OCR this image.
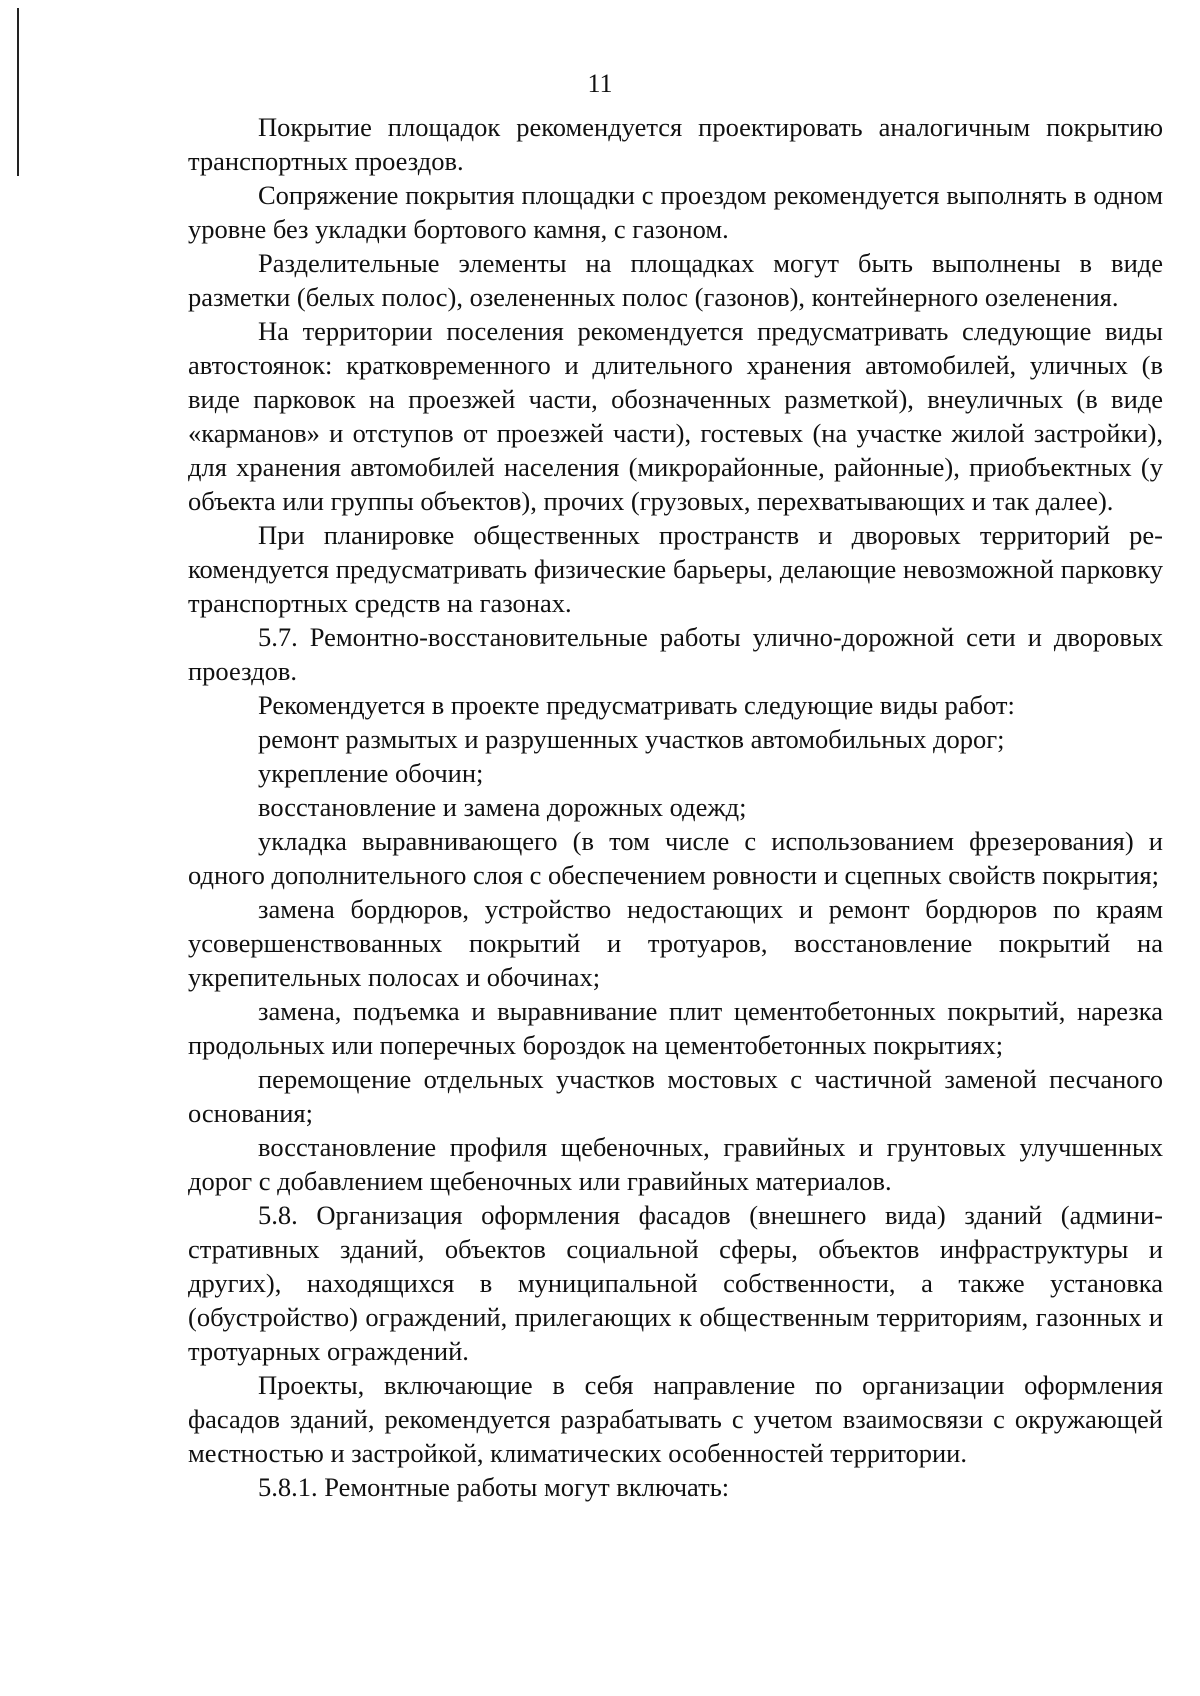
11

Покрытие площадок рекомендуется проектировать аналогичным покрытию транспортных проездов.

Сопряжение покрытия площадки с проездом рекомендуется выполнять в одном уровне без укладки бортового камня, с газоном.

Разделительные элементы на площадках могут быть выполнены в виде разметки (белых полос), озелененных полос (газонов), контейнерного озеленения.

На территории поселения рекомендуется предусматривать следующие виды автостоянок: кратковременного и длительного хранения автомобилей, уличных (в виде парковок на проезжей части, обозначенных разметкой), внеуличных (в виде «карманов» и отступов от проезжей части), гостевых (на участке жилой застройки), для хранения автомобилей населения (микрорайонные, районные), приобъектных (у объекта или группы объектов), прочих (грузовых, перехватывающих и так далее).

При планировке общественных пространств и дворовых территорий рекомендуется предусматривать физические барьеры, делающие невозможной парковку транспортных средств на газонах.

5.7. Ремонтно-восстановительные работы улично-дорожной сети и дворовых проездов.

Рекомендуется в проекте предусматривать следующие виды работ:

ремонт размытых и разрушенных участков автомобильных дорог;

укрепление обочин;

восстановление и замена дорожных одежд;

укладка выравнивающего (в том числе с использованием фрезерования) и одного дополнительного слоя с обеспечением ровности и сцепных свойств покрытия;

замена бордюров, устройство недостающих и ремонт бордюров по краям усовершенствованных покрытий и тротуаров, восстановление покрытий на укрепительных полосах и обочинах;

замена, подъемка и выравнивание плит цементобетонных покрытий, нарезка продольных или поперечных бороздок на цементобетонных покрытиях;

перемощение отдельных участков мостовых с частичной заменой песчаного основания;

восстановление профиля щебеночных, гравийных и грунтовых улучшенных дорог с добавлением щебеночных или гравийных материалов.

5.8. Организация оформления фасадов (внешнего вида) зданий (административных зданий, объектов социальной сферы, объектов инфраструктуры и других), находящихся в муниципальной собственности, а также установка (обустройство) ограждений, прилегающих к общественным территориям, газонных и тротуарных ограждений.

Проекты, включающие в себя направление по организации оформления фасадов зданий, рекомендуется разрабатывать с учетом взаимосвязи с окружающей местностью и застройкой, климатических особенностей территории.

5.8.1. Ремонтные работы могут включать:
